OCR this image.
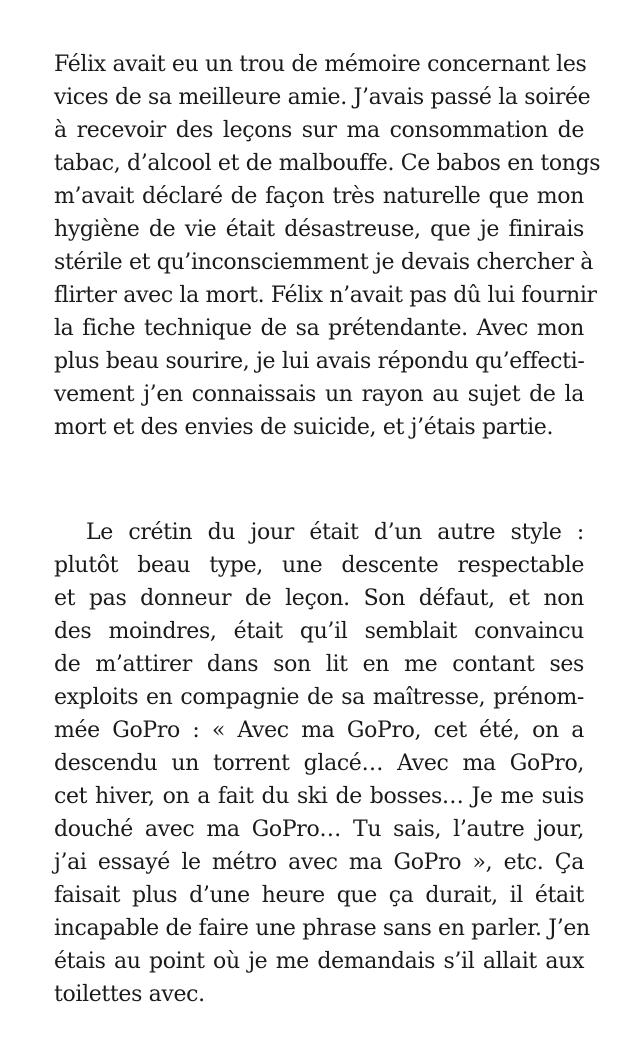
Félix avait eu un trou de mémoire concernant les
vices de sa meilleure amie. J’avais passé la soirée
à recevoir des leçons sur ma consommation de
tabac, d’alcool et de malbouffe. Ce babos en tongs
m’avait déclaré de façon très naturelle que mon
hygiène de vie était désastreuse, que je finirais
stérile et qu’inconsciemment je devais chercher à
flirter avec la mort. Félix n’avait pas dû lui fournir
la fiche technique de sa prétendante. Avec mon
plus beau sourire, je lui avais répondu qu’effecti-
vement j’en connaissais un rayon au sujet de la
mort et des envies de suicide, et j’étais partie.
Le crétin du jour était d’un autre style :
plutôt beau type, une descente respectable
et pas donneur de leçon. Son défaut, et non
des moindres, était qu’il semblait convaincu
de m’attirer dans son lit en me contant ses
exploits en compagnie de sa maîtresse, prénom-
mée GoPro : « Avec ma GoPro, cet été, on a
descendu un torrent glacé… Avec ma GoPro,
cet hiver, on a fait du ski de bosses… Je me suis
douché avec ma GoPro… Tu sais, l’autre jour,
j’ai essayé le métro avec ma GoPro », etc. Ça
faisait plus d’une heure que ça durait, il était
incapable de faire une phrase sans en parler. J’en
étais au point où je me demandais s’il allait aux
toilettes avec.
